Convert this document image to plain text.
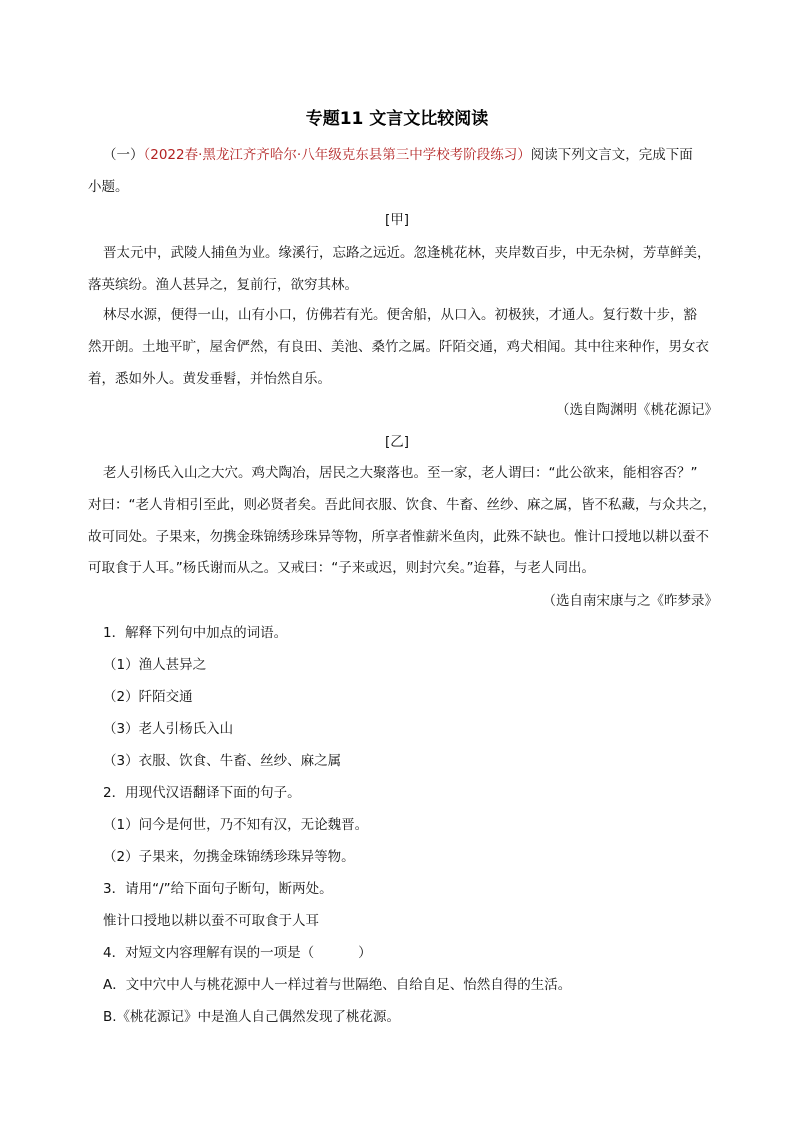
专题11 文言文比较阅读
（一）（2022春·黑龙江齐齐哈尔·八年级克东县第三中学校考阶段练习）阅读下列文言文，完成下面
小题。
[甲]
晋太元中，武陵人捕鱼为业。缘溪行，忘路之远近。忽逢桃花林，夹岸数百步，中无杂树，芳草鲜美，
落英缤纷。渔人甚异之，复前行，欲穷其林。
林尽水源，便得一山，山有小口，仿佛若有光。便舍船，从口入。初极狭，才通人。复行数十步，豁
然开朗。土地平旷，屋舍俨然，有良田、美池、桑竹之属。阡陌交通，鸡犬相闻。其中往来种作，男女衣
着，悉如外人。黄发垂髫，并怡然自乐。
（选自陶渊明《桃花源记》
[乙]
老人引杨氏入山之大穴。鸡犬陶冶，居民之大聚落也。至一家，老人谓曰：“此公欲来，能相容否？”
对曰：“老人肯相引至此，则必贤者矣。吾此间衣服、饮食、牛畜、丝纱、麻之属，皆不私藏，与众共之，
故可同处。子果来，勿携金珠锦绣珍珠异等物，所享者惟薪米鱼肉，此殊不缺也。惟计口授地以耕以蚕不
可取食于人耳。”杨氏谢而从之。又戒曰：“子来或迟，则封穴矣。”迨暮，与老人同出。
（选自南宋康与之《昨梦录》
1．解释下列句中加点的词语。
（1）渔人甚异之
（2）阡陌交通
（3）老人引杨氏入山
（3）衣服、饮食、牛畜、丝纱、麻之属
2．用现代汉语翻译下面的句子。
（1）问今是何世，乃不知有汉，无论魏晋。
（2）子果来，勿携金珠锦绣珍珠异等物。
3．请用“/”给下面句子断句，断两处。
惟计口授地以耕以蚕不可取食于人耳
4．对短文内容理解有误的一项是（	）
A．文中穴中人与桃花源中人一样过着与世隔绝、自给自足、怡然自得的生活。
B.《桃花源记》中是渔人自己偶然发现了桃花源。
